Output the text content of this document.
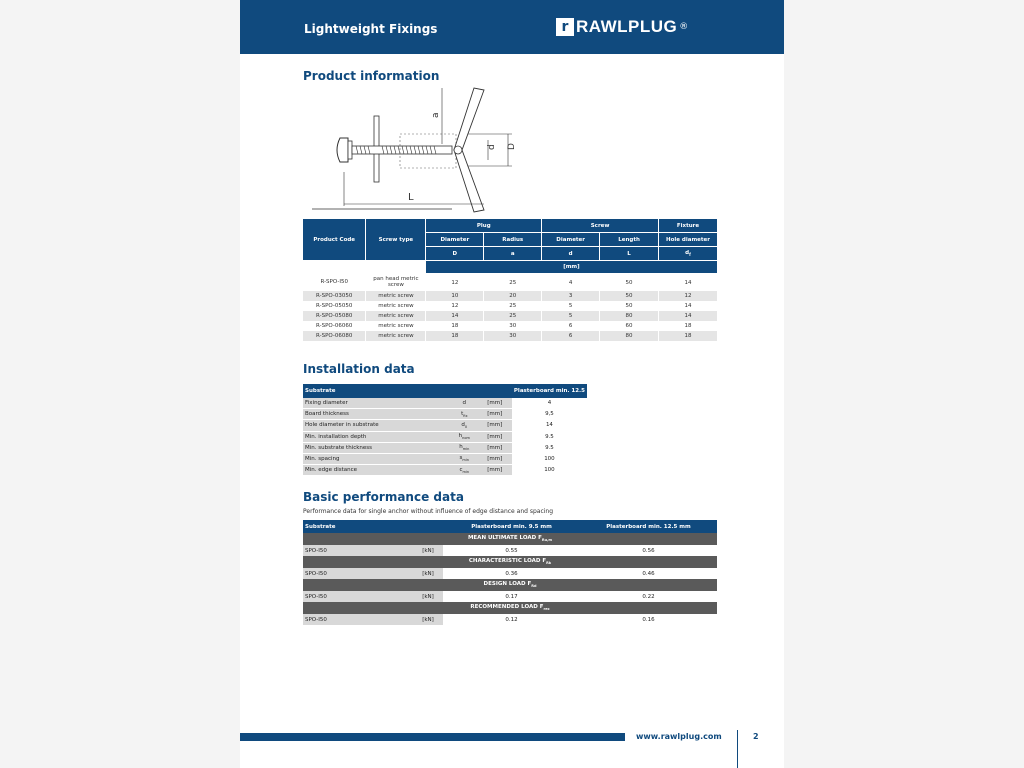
Lightweight Fixings	r RAWLPLUG ®
Product information
a
d D
L
Product Code	Screw type	Plug		Screw		Fixture
		Diameter	Radius	Diameter	Length	Hole diameter
		D	a	d	L	$d_f$
		[mm]				
R-SPO-I50	pan head metric screw	12	25	4	50	14
R-SPO-03050	metric screw	10	20	3	50	12
R-SPO-05050	metric screw	12	25	5	50	14
R-SPO-05080	metric screw	14	25	5	80	14
R-SPO-06060	metric screw	18	30	6	60	18
R-SPO-06080	metric screw	18	30	6	80	18
Installation data
Substrate			Plasterboard min. 12.5
Fixing diameter	d	[mm]	4
Board thickness	$t_{fix}$	[mm]	9,5
Hole diameter in substrate	$d_0$	[mm]	14
Min. installation depth	$h_{nom}$	[mm]	9.5
Min. substrate thickness	$h_{min}$	[mm]	9.5
Min. spacing	$s_{min}$	[mm]	100
Min. edge distance	$c_{min}$	[mm]	100
Basic performance data
Performance data for single anchor without influence of edge distance and spacing
Substrate		Plasterboard min. 9.5 mm	Plasterboard min. 12.5 mm
MEAN ULTIMATE LOAD $F_{Ru,m}$
SPO-I50	[kN]	0.55	0.56
CHARACTERISTIC LOAD $F_{Rk}$
SPO-I50	[kN]	0.36	0.46
DESIGN LOAD $F_{Rd}$
SPO-I50	[kN]	0.17	0.22
RECOMMENDED LOAD $F_{rec}$
SPO-I50	[kN]	0.12	0.16
www.rawlplug.com	2
